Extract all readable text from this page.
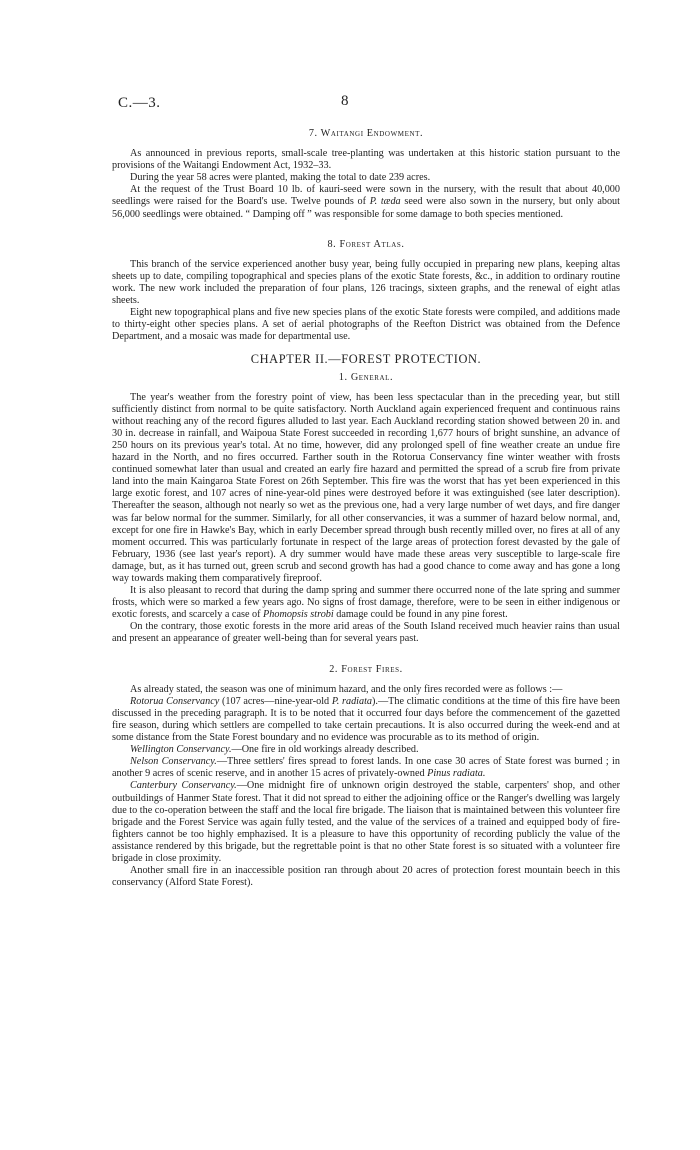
C.—3.	8
7. Waitangi Endowment.

As announced in previous reports, small-scale tree-planting was undertaken at this historic station pursuant to the provisions of the Waitangi Endowment Act, 1932–33.

During the year 58 acres were planted, making the total to date 239 acres.

At the request of the Trust Board 10 lb. of kauri-seed were sown in the nursery, with the result that about 40,000 seedlings were raised for the Board's use. Twelve pounds of P. tæda seed were also sown in the nursery, but only about 56,000 seedlings were obtained. “ Damping off ” was responsible for some damage to both species mentioned.

8. Forest Atlas.

This branch of the service experienced another busy year, being fully occupied in preparing new plans, keeping altas sheets up to date, compiling topographical and species plans of the exotic State forests, &c., in addition to ordinary routine work. The new work included the preparation of four plans, 126 tracings, sixteen graphs, and the renewal of eight atlas sheets.

Eight new topographical plans and five new species plans of the exotic State forests were compiled, and additions made to thirty-eight other species plans. A set of aerial photographs of the Reefton District was obtained from the Defence Department, and a mosaic was made for departmental use.

CHAPTER II.—FOREST PROTECTION.
1. General.

The year's weather from the forestry point of view, has been less spectacular than in the preceding year, but still sufficiently distinct from normal to be quite satisfactory. North Auckland again experienced frequent and continuous rains without reaching any of the record figures alluded to last year. Each Auckland recording station showed between 20 in. and 30 in. decrease in rainfall, and Waipoua State Forest succeeded in recording 1,677 hours of bright sunshine, an advance of 250 hours on its previous year's total. At no time, however, did any prolonged spell of fine weather create an undue fire hazard in the North, and no fires occurred. Farther south in the Rotorua Conservancy fine winter weather with frosts continued somewhat later than usual and created an early fire hazard and permitted the spread of a scrub fire from private land into the main Kaingaroa State Forest on 26th September. This fire was the worst that has yet been experienced in this large exotic forest, and 107 acres of nine-year-old pines were destroyed before it was extinguished (see later description). Thereafter the season, although not nearly so wet as the previous one, had a very large number of wet days, and fire danger was far below normal for the summer. Similarly, for all other conservancies, it was a summer of hazard below normal, and, except for one fire in Hawke's Bay, which in early December spread through bush recently milled over, no fires at all of any moment occurred. This was particularly fortunate in respect of the large areas of protection forest devasted by the gale of February, 1936 (see last year's report). A dry summer would have made these areas very susceptible to large-scale fire damage, but, as it has turned out, green scrub and second growth has had a good chance to come away and has gone a long way towards making them comparatively fireproof.

It is also pleasant to record that during the damp spring and summer there occurred none of the late spring and summer frosts, which were so marked a few years ago. No signs of frost damage, therefore, were to be seen in either indigenous or exotic forests, and scarcely a case of Phomopsis strobi damage could be found in any pine forest.

On the contrary, those exotic forests in the more arid areas of the South Island received much heavier rains than usual and present an appearance of greater well-being than for several years past.

2. Forest Fires.

As already stated, the season was one of minimum hazard, and the only fires recorded were as follows :—

Rotorua Conservancy (107 acres—nine-year-old P. radiata).—The climatic conditions at the time of this fire have been discussed in the preceding paragraph. It is to be noted that it occurred four days before the commencement of the gazetted fire season, during which settlers are compelled to take certain precautions. It is also occurred during the week-end and at some distance from the State Forest boundary and no evidence was procurable as to its method of origin.

Wellington Conservancy.—One fire in old workings already described.

Nelson Conservancy.—Three settlers' fires spread to forest lands. In one case 30 acres of State forest was burned ; in another 9 acres of scenic reserve, and in another 15 acres of privately-owned Pinus radiata.

Canterbury Conservancy.—One midnight fire of unknown origin destroyed the stable, carpenters' shop, and other outbuildings of Hanmer State forest. That it did not spread to either the adjoining office or the Ranger's dwelling was largely due to the co-operation between the staff and the local fire brigade. The liaison that is maintained between this volunteer fire brigade and the Forest Service was again fully tested, and the value of the services of a trained and equipped body of fire-fighters cannot be too highly emphazised. It is a pleasure to have this opportunity of recording publicly the value of the assistance rendered by this brigade, but the regrettable point is that no other State forest is so situated with a volunteer fire brigade in close proximity.

Another small fire in an inaccessible position ran through about 20 acres of protection forest mountain beech in this conservancy (Alford State Forest).
